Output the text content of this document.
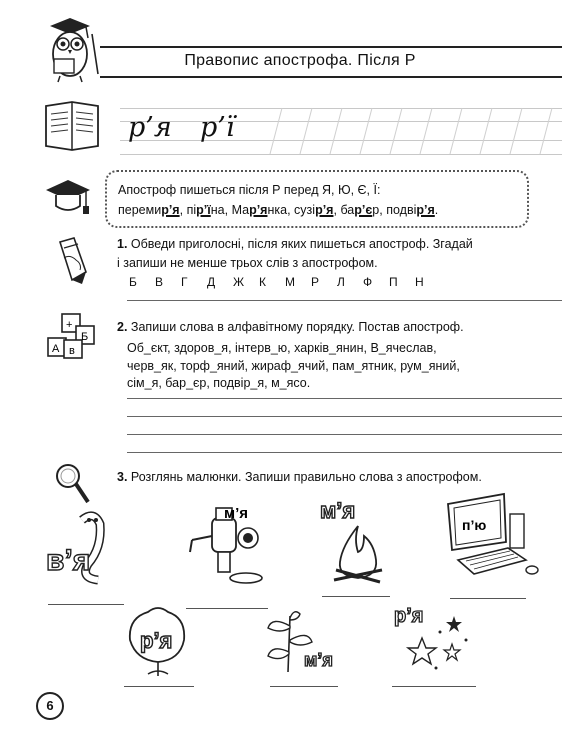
Правопис апострофа. Після Р
р’я р’ї
Апостроф пишеться після Р перед Я, Ю, Є, Ї:
перемир’я, пір’їна, Мар’янка, сузір’я, бар’єр, подвір’я.
1. Обведи приголосні, після яких пишеться апостроф. Згадай
і запиши не менше трьох слів з апострофом.
Б В Г Д Ж К М Р Л Ф П Н
+
Б
А в
2. Запиши слова в алфавітному порядку. Постав апостроф.
Об_єкт, здоров_я, інтерв_ю, харків_янин, В_ячеслав,
черв_як, торф_яний, жираф_ячий, пам_ятник, рум_яний,
сім_я, бар_єр, подвір_я, м_ясо.
3. Розглянь малюнки. Запиши правильно слова з апострофом.
в’я
м’я	м’я
п’ю
р’я
м’я
р’я
6
